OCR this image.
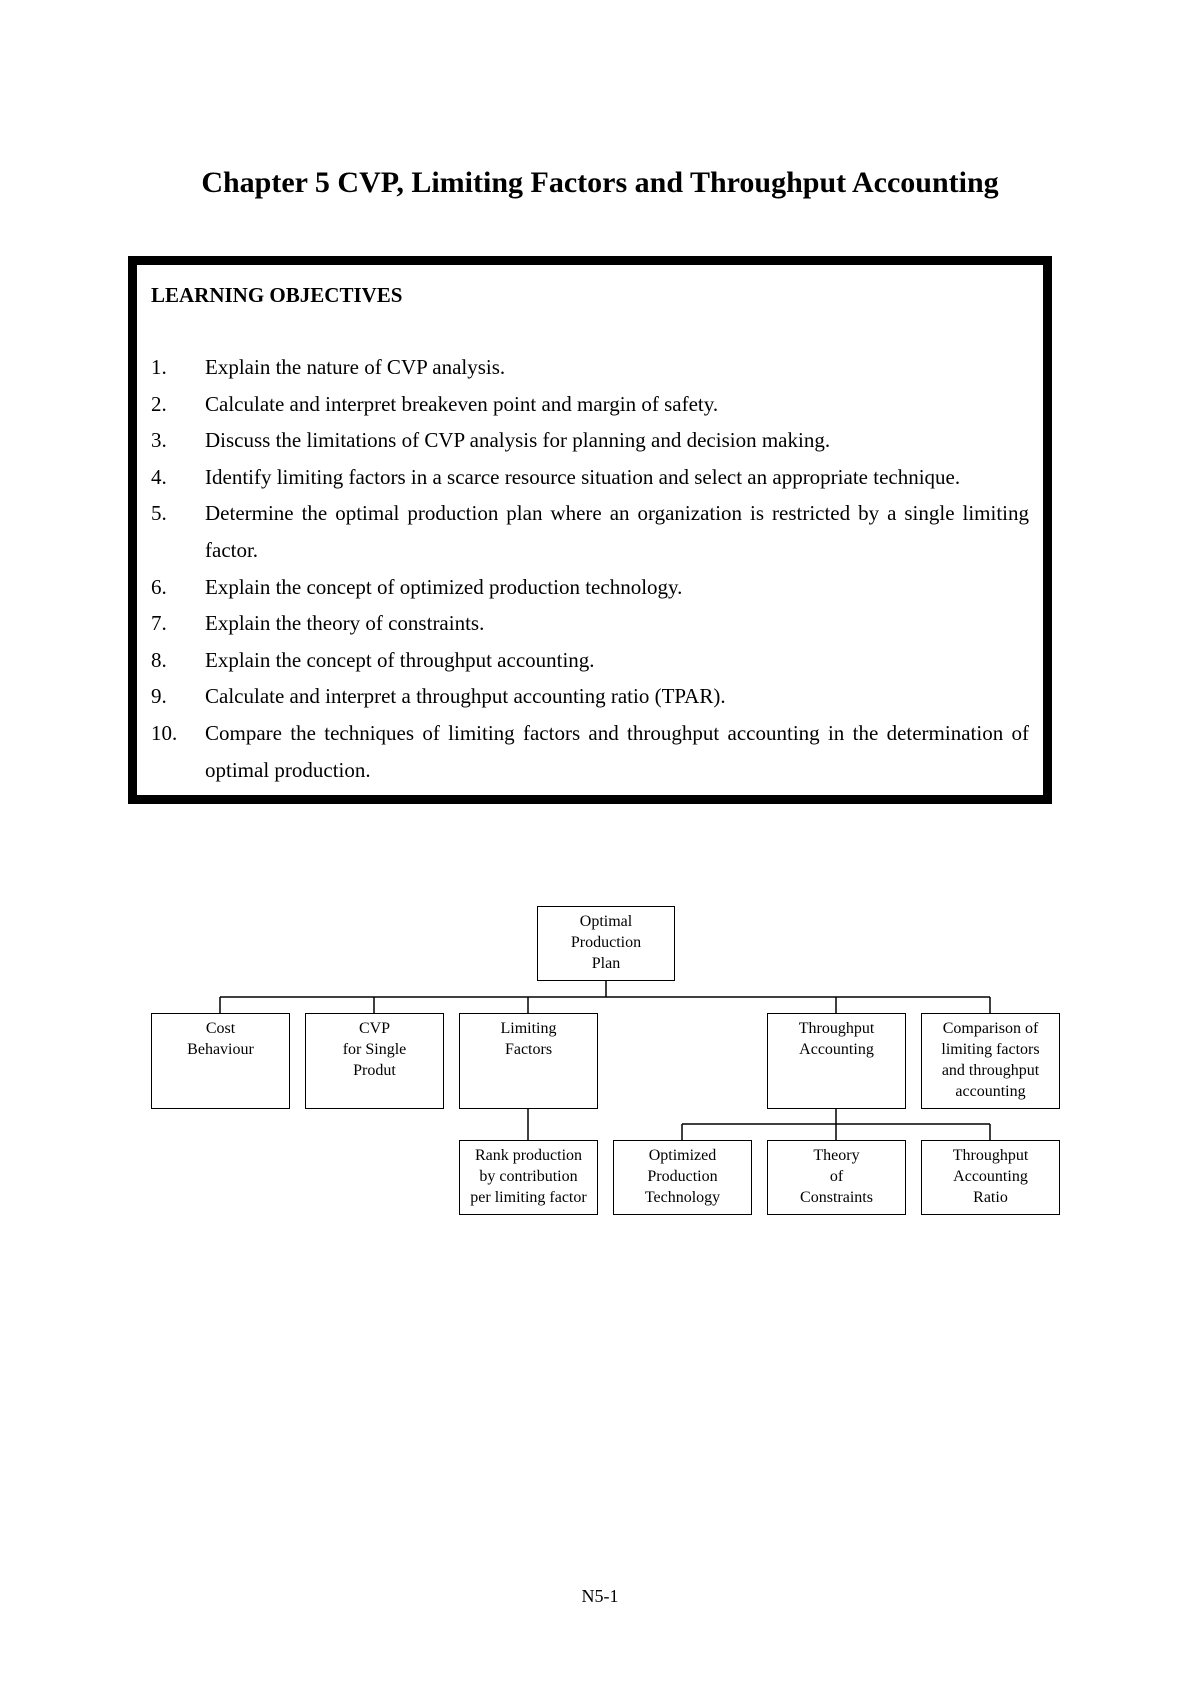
Chapter 5 CVP, Limiting Factors and Throughput Accounting
LEARNING OBJECTIVES
1.	Explain the nature of CVP analysis.
2.	Calculate and interpret breakeven point and margin of safety.
3.	Discuss the limitations of CVP analysis for planning and decision making.
4.	Identify limiting factors in a scarce resource situation and select an appropriate technique.
5.	Determine the optimal production plan where an organization is restricted by a single limiting factor.
6.	Explain the concept of optimized production technology.
7.	Explain the theory of constraints.
8.	Explain the concept of throughput accounting.
9.	Calculate and interpret a throughput accounting ratio (TPAR).
10.	Compare the techniques of limiting factors and throughput accounting in the determination of optimal production.
Optimal
Production
Plan
Cost
Behaviour
CVP
for Single
Produt
Limiting
Factors
Throughput
Accounting
Comparison of
limiting factors
and throughput
accounting
Rank production
by contribution
per limiting factor
Optimized
Production
Technology
Theory
of
Constraints
Throughput
Accounting
Ratio
N5-1
